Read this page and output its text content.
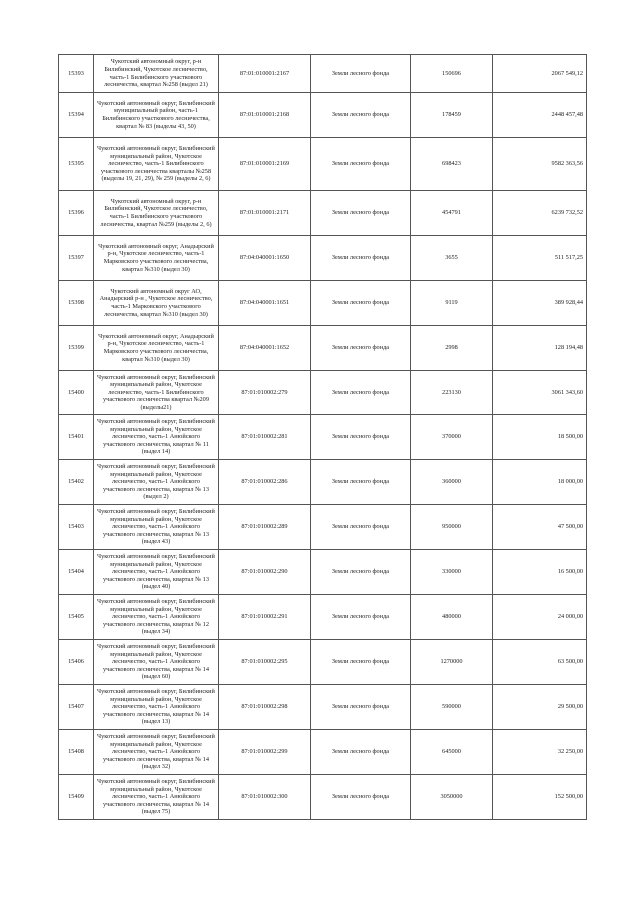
15393	Чукотский автономный округ, р-н Билибинский, Чукотское лесничество, часть-1 Билибинского участкового лесничества, квартал №258 (выдел 21)	87:01:010001:2167	Земли лесного фонда	150696	2067 549,12
15394	Чукотский автономный округ, Билибинский муниципальный район, часть-1 Билибинского участкового лесничества, квартал № 83 (выделы 43, 50)	87:01:010001:2168	Земли лесного фонда	178459	2448 457,48
15395	Чукотский автономный округ, Билибинский муниципальный район, Чукотское лесничество, часть-1 Билибинского участкового лесничества кварталы №258 (выделы 19, 21, 29), № 259 (выделы 2, 6)	87:01:010001:2169	Земли лесного фонда	698423	9582 363,56
15396	Чукотский автономный округ, р-н Билибинский, Чукотское лесничество, часть-1 Билибинского участкового лесничества, квартал №259 (выделы 2, 6)	87:01:010001:2171	Земли лесного фонда	454791	6239 732,52
15397	Чукотский автономный округ, Анадырский р-н, Чукотское лесничество, часть-1 Марковского участкового лесничества, квартал №310 (выдел 30)	87:04:040001:1650	Земли лесного фонда	3655	511 517,25
15398	Чукотский автономный округ АО, Анадырский р-н , Чукотское лесничество, часть-1 Марковского участкового лесничества, квартал №310 (выдел 30)	87:04:040001:1651	Земли лесного фонда	9119	389 928,44
15399	Чукотский автономный округ, Анадырский р-н, Чукотское лесничество, часть-1 Марковского участкового лесничества, квартал №310 (выдел 30)	87:04:040001:1652	Земли лесного фонда	2998	128 194,48
15400	Чукотский автономный округ, Билибинский муниципальный район, Чукотское лесничество, часть-1 Билибинского участкового лесничества квартал №209 (выделы21)	87:01:010002:279	Земли лесного фонда	223130	3061 343,60
15401	Чукотский автономный округ, Билибинский муниципальный район, Чукотское лесничество, часть-1 Анюйского участкового лесничества, квартал № 11 (выдел 14)	87:01:010002:281	Земли лесного фонда	370000	18 500,00
15402	Чукотский автономный округ, Билибинский муниципальный район, Чукотское лесничество, часть-1 Анюйского участкового лесничества, квартал № 13 (выдел 2)	87:01:010002:286	Земли лесного фонда	360000	18 000,00
15403	Чукотский автономный округ, Билибинский муниципальный район, Чукотское лесничество, часть-1 Анюйского участкового лесничества, квартал № 13 (выдел 43)	87:01:010002:289	Земли лесного фонда	950000	47 500,00
15404	Чукотский автономный округ, Билибинский муниципальный район, Чукотское лесничество, часть-1 Анюйского участкового лесничества, квартал № 13 (выдел 40)	87:01:010002:290	Земли лесного фонда	330000	16 500,00
15405	Чукотский автономный округ, Билибинский муниципальный район, Чукотское лесничество, часть-1 Анюйского участкового лесничества, квартал № 12 (выдел 34)	87:01:010002:291	Земли лесного фонда	480000	24 000,00
15406	Чукотский автономный округ, Билибинский муниципальный район, Чукотское лесничество, часть-1 Анюйского участкового лесничества, квартал № 14 (выдел 60)	87:01:010002:295	Земли лесного фонда	1270000	63 500,00
15407	Чукотский автономный округ, Билибинский муниципальный район, Чукотское лесничество, часть-1 Анюйского участкового лесничества, квартал № 14 (выдел 13)	87:01:010002:298	Земли лесного фонда	590000	29 500,00
15408	Чукотский автономный округ, Билибинский муниципальный район, Чукотское лесничество, часть-1 Анюйского участкового лесничества, квартал № 14 (выдел 32)	87:01:010002:299	Земли лесного фонда	645000	32 250,00
15409	Чукотский автономный округ, Билибинский муниципальный район, Чукотское лесничество, часть-1 Анюйского участкового лесничества, квартал № 14 (выдел 75)	87:01:010002:300	Земли лесного фонда	3050000	152 500,00
